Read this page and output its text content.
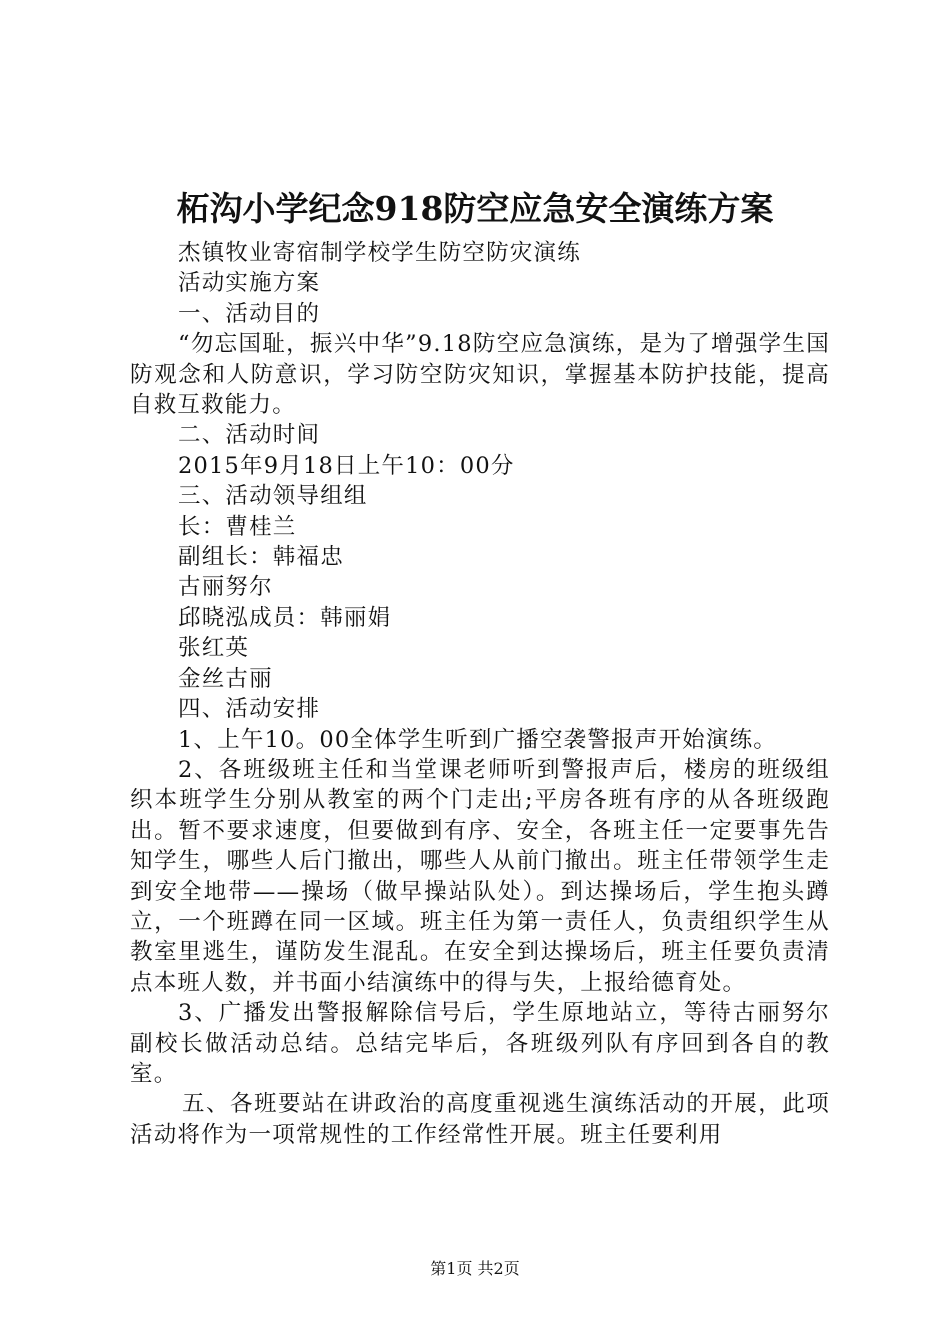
柘沟小学纪念918防空应急安全演练方案

杰镇牧业寄宿制学校学生防空防灾演练

活动实施方案

一、活动目的

“勿忘国耻，振兴中华”9.18防空应急演练，是为了增强学生国防观念和人防意识，学习防空防灾知识，掌握基本防护技能，提高自救互救能力。

二、活动时间

2015年9月18日上午10：00分

三、活动领导组组

长：曹桂兰

副组长：韩福忠

古丽努尔

邱晓泓成员：韩丽娟

张红英

金丝古丽

四、活动安排

1、上午10。00全体学生听到广播空袭警报声开始演练。

2、各班级班主任和当堂课老师听到警报声后，楼房的班级组织本班学生分别从教室的两个门走出;平房各班有序的从各班级跑出。暂不要求速度，但要做到有序、安全，各班主任一定要事先告知学生，哪些人后门撤出，哪些人从前门撤出。班主任带领学生走到安全地带——操场（做早操站队处）。到达操场后，学生抱头蹲立，一个班蹲在同一区域。班主任为第一责任人，负责组织学生从教室里逃生，谨防发生混乱。在安全到达操场后，班主任要负责清点本班人数，并书面小结演练中的得与失，上报给德育处。

3、广播发出警报解除信号后，学生原地站立，等待古丽努尔副校长做活动总结。总结完毕后，各班级列队有序回到各自的教室。

五、各班要站在讲政治的高度重视逃生演练活动的开展，此项活动将作为一项常规性的工作经常性开展。班主任要利用

第1页 共2页
